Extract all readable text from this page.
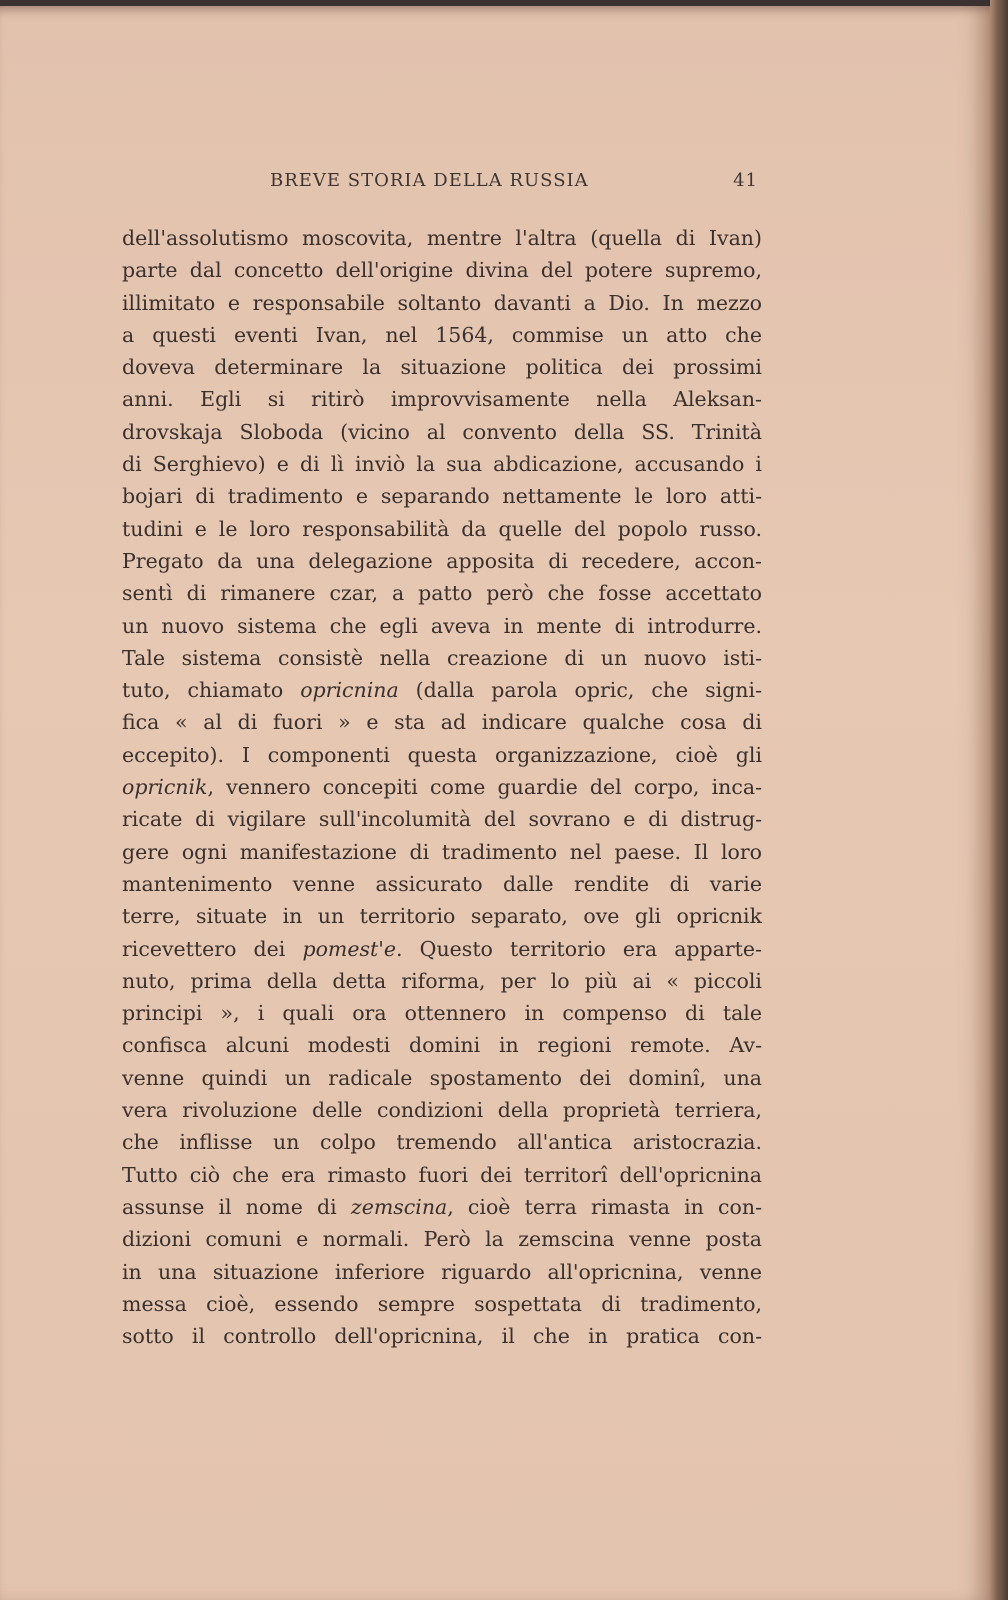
BREVE STORIA DELLA RUSSIA	41
dell'assolutismo moscovita, mentre l'altra (quella di Ivan)
parte dal concetto dell'origine divina del potere supremo,
illimitato e responsabile soltanto davanti a Dio. In mezzo
a questi eventi Ivan, nel 1564, commise un atto che
doveva determinare la situazione politica dei prossimi
anni. Egli si ritirò improvvisamente nella Aleksan-
drovskaja Sloboda (vicino al convento della SS. Trinità
di Serghievo) e di lì inviò la sua abdicazione, accusando i
bojari di tradimento e separando nettamente le loro atti-
tudini e le loro responsabilità da quelle del popolo russo.
Pregato da una delegazione apposita di recedere, accon-
sentì di rimanere czar, a patto però che fosse accettato
un nuovo sistema che egli aveva in mente di introdurre.
Tale sistema consistè nella creazione di un nuovo isti-
tuto, chiamato opricnina (dalla parola opric, che signi-
fica « al di fuori » e sta ad indicare qualche cosa di
eccepito). I componenti questa organizzazione, cioè gli
opricnik, vennero concepiti come guardie del corpo, inca-
ricate di vigilare sull'incolumità del sovrano e di distrug-
gere ogni manifestazione di tradimento nel paese. Il loro
mantenimento venne assicurato dalle rendite di varie
terre, situate in un territorio separato, ove gli opricnik
ricevettero dei pomest'e. Questo territorio era apparte-
nuto, prima della detta riforma, per lo più ai « piccoli
principi », i quali ora ottennero in compenso di tale
confisca alcuni modesti domini in regioni remote. Av-
venne quindi un radicale spostamento dei dominî, una
vera rivoluzione delle condizioni della proprietà terriera,
che inflisse un colpo tremendo all'antica aristocrazia.
Tutto ciò che era rimasto fuori dei territorî dell'opricnina
assunse il nome di zemscina, cioè terra rimasta in con-
dizioni comuni e normali. Però la zemscina venne posta
in una situazione inferiore riguardo all'opricnina, venne
messa cioè, essendo sempre sospettata di tradimento,
sotto il controllo dell'opricnina, il che in pratica con-
